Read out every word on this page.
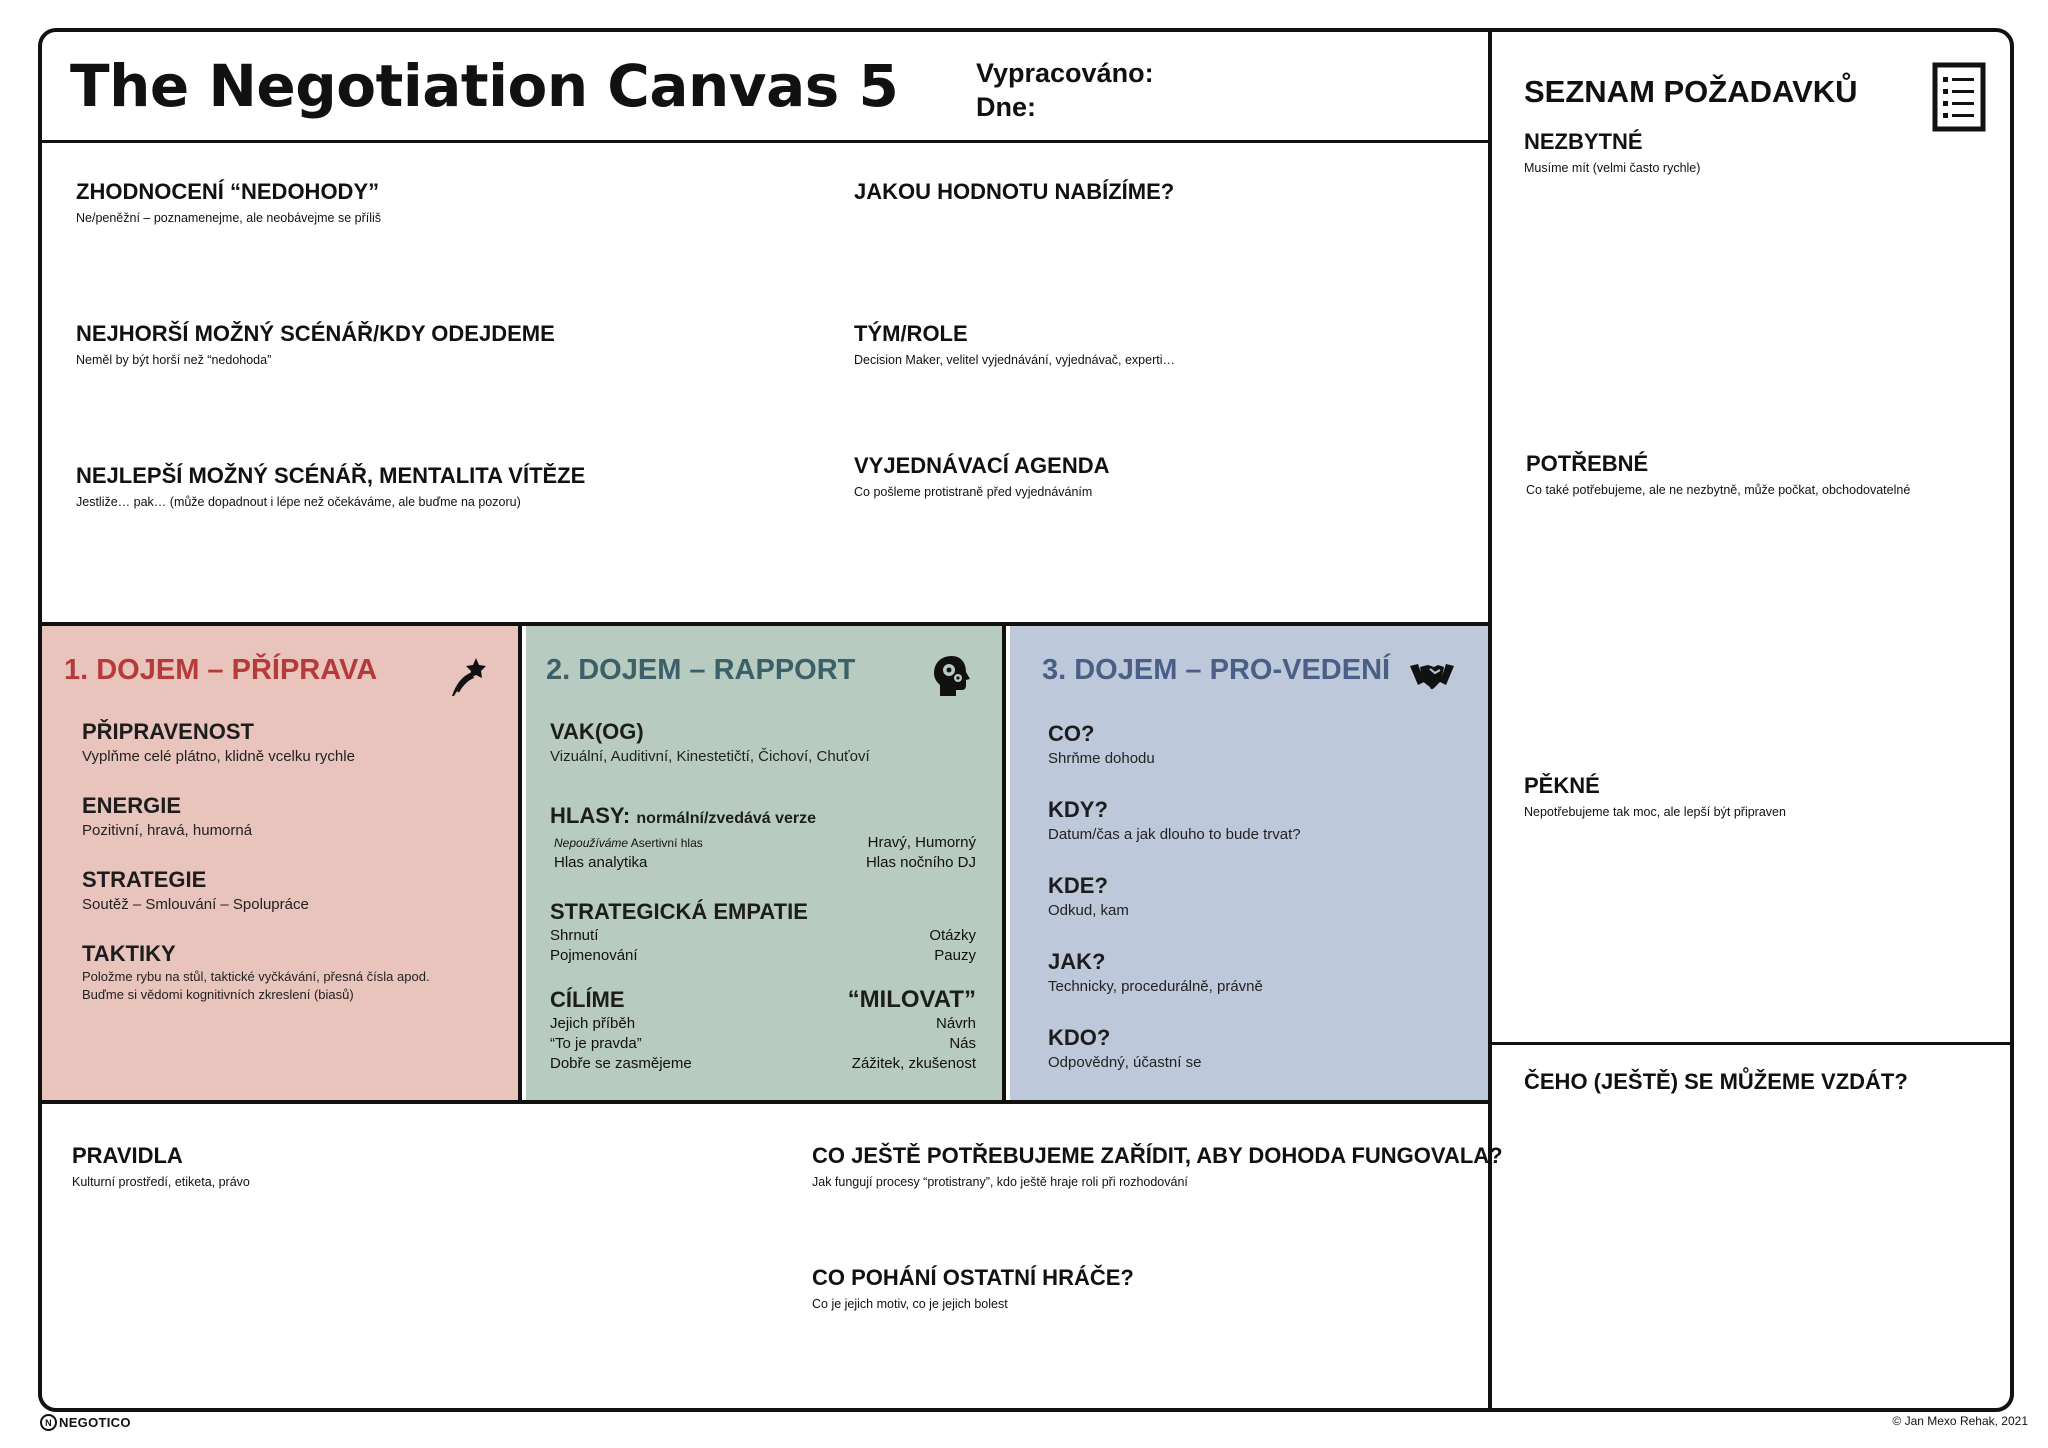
The Negotiation Canvas 5	Vypracováno:
Dne:
ZHODNOCENÍ “NEDOHODY”

Ne/peněžní – poznamenejme, ale neobávejme se příliš

NEJHORŠÍ MOŽNÝ SCÉNÁŘ/KDY ODEJDEME

Neměl by být horší než “nedohoda”

NEJLEPŠÍ MOŽNÝ SCÉNÁŘ, MENTALITA VÍTĚZE

Jestliže… pak… (může dopadnout i lépe než očekáváme, ale buďme na pozoru)

JAKOU HODNOTU NABÍZÍME?
TÝM/ROLE

Decision Maker, velitel vyjednávání, vyjednávač, experti…

VYJEDNÁVACÍ AGENDA

Co pošleme protistraně před vyjednáváním

1. DOJEM – PŘÍPRAVA
PŘIPRAVENOST
Vyplňme celé plátno, klidně vcelku rychle
ENERGIE
Pozitivní, hravá, humorná
STRATEGIE
Soutěž – Smlouvání – Spolupráce
TAKTIKY
Položme rybu na stůl, taktické vyčkávání, přesná čísla apod.
Buďme si vědomi kognitivních zkreslení (biasů)
2. DOJEM – RAPPORT
VAK(OG)
Vizuální, Auditivní, Kinestetičtí, Čichoví, Chuťoví
HLASY: normální/zvedává verze
Nepoužíváme Asertivní hlas	Hravý, Humorný
Hlas analytika	Hlas nočního DJ
STRATEGICKÁ EMPATIE
Shrnutí	Otázky
Pojmenování	Pauzy
CÍLÍME	“MILOVAT”
Jejich příběh	Návrh
“To je pravda”	Nás
Dobře se zasmějeme	Zážitek, zkušenost
3. DOJEM – PRO-VEDENÍ
CO?
Shrňme dohodu
KDY?
Datum/čas a jak dlouho to bude trvat?
KDE?
Odkud, kam
JAK?
Technicky, procedurálně, právně
KDO?
Odpovědný, účastní se
PRAVIDLA

Kulturní prostředí, etiketa, právo

CO JEŠTĚ POTŘEBUJEME ZAŘÍDIT, ABY DOHODA FUNGOVALA?

Jak fungují procesy “protistrany”, kdo ještě hraje roli při rozhodování

CO POHÁNÍ OSTATNÍ HRÁČE?

Co je jejich motiv, co je jejich bolest

SEZNAM POŽADAVKŮ
NEZBYTNÉ

Musíme mít (velmi často rychle)

POTŘEBNÉ

Co také potřebujeme, ale ne nezbytně, může počkat, obchodovatelné

PĚKNÉ

Nepotřebujeme tak moc, ale lepší být připraven

ČEHO (JEŠTĚ) SE MŮŽEME VZDÁT?
N NEGOTICO	© Jan Mexo Rehak, 2021
